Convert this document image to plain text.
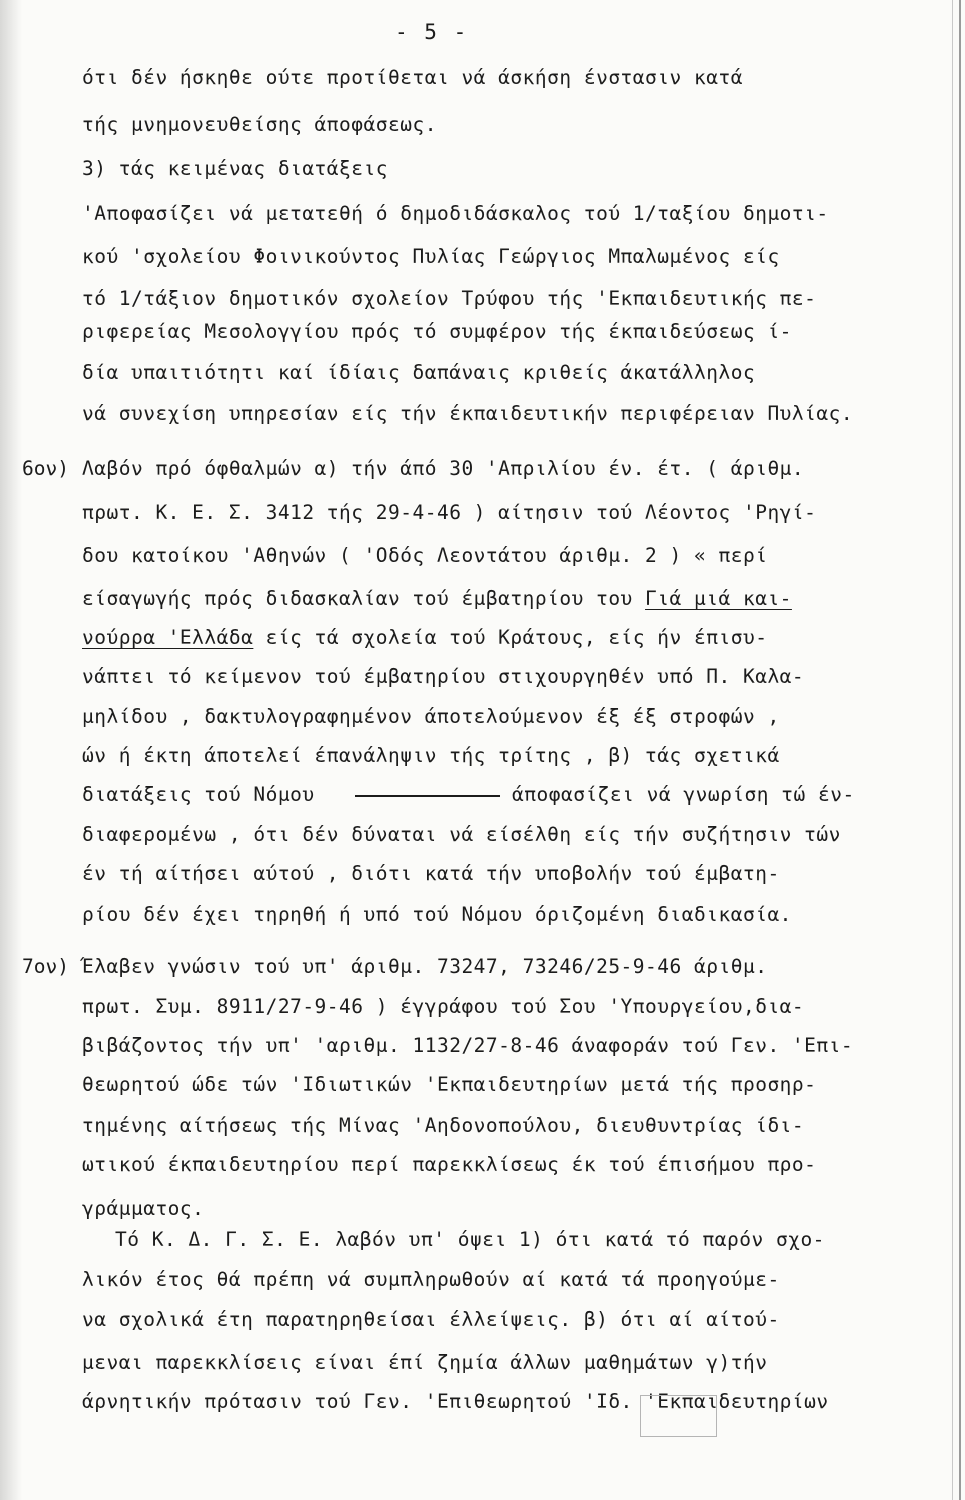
- 5 -
ότι δέν ήσκηθε ούτε προτίθεται νά άσκήση ένστασιν κατά
τής μνημονευθείσης άποφάσεως.
3) τάς κειμένας διατάξεις
'Αποφασίζει νά μετατεθή ό δημοδιδάσκαλος τού 1/ταξίου δημοτι-
κού 'σχολείου Φοινικούντος Πυλίας Γεώργιος Μπαλωμένος είς
τό 1/τάξιον δημοτικόν σχολείον Τρύφου τής 'Εκπαιδευτικής πε-
ριφερείας Μεσολογγίου πρός τό συμφέρον τής έκπαιδεύσεως ί-
δία υπαιτιότητι καί ίδίαις δαπάναις κριθείς άκατάλληλος
νά συνεχίση υπηρεσίαν είς τήν έκπαιδευτικήν περιφέρειαν Πυλίας.
6ον) Λαβόν πρό όφθαλμών α) τήν άπό 30 'Απριλίου έν. έτ. ( άριθμ.
πρωτ. Κ. Ε. Σ. 3412 τής 29-4-46 ) αίτησιν τού Λέοντος 'Ρηγί-
δου κατοίκου 'Αθηνών ( 'Οδός Λεοντάτου άριθμ. 2 ) « περί
είσαγωγής πρός διδασκαλίαν τού έμβατηρίου του Γιά μιά και-
νούρρα 'Ελλάδα είς τά σχολεία τού Κράτους, είς ήν έπισυ-
νάπτει τό κείμενον τού έμβατηρίου στιχουργηθέν υπό Π. Καλα-
μηλίδου , δακτυλογραφημένον άποτελούμενον έξ έξ στροφών ,
ών ή έκτη άποτελεί έπανάληψιν τής τρίτης , β) τάς σχετικά
διατάξεις τού Νόμου	άποφασίζει νά γνωρίση τώ έν-
διαφερομένω , ότι δέν δύναται νά είσέλθη είς τήν συζήτησιν τών
έν τή αίτήσει αύτού , διότι κατά τήν υποβολήν τού έμβατη-
ρίου δέν έχει τηρηθή ή υπό τού Νόμου όριζομένη διαδικασία.
7ον) Έλαβεν γνώσιν τού υπ' άριθμ. 73247, 73246/25-9-46 άριθμ.
πρωτ. Συμ. 8911/27-9-46 ) έγγράφου τού Σου 'Υπουργείου,δια-
βιβάζοντος τήν υπ' 'αριθμ. 1132/27-8-46 άναφοράν τού Γεν. 'Επι-
θεωρητού ώδε τών 'Ιδιωτικών 'Εκπαιδευτηρίων μετά τής προσηρ-
τημένης αίτήσεως τής Μίνας 'Αηδονοπούλου, διευθυντρίας ίδι-
ωτικού έκπαιδευτηρίου περί παρεκκλίσεως έκ τού έπισήμου προ-
γράμματος.
Τό Κ. Δ. Γ. Σ. Ε. λαβόν υπ' όψει 1) ότι κατά τό παρόν σχο-
λικόν έτος θά πρέπη νά συμπληρωθούν αί κατά τά προηγούμε-
να σχολικά έτη παρατηρηθείσαι έλλείψεις. β) ότι αί αίτού-
μεναι παρεκκλίσεις είναι έπί ζημία άλλων μαθημάτων γ)τήν
άρνητικήν πρότασιν τού Γεν. 'Επιθεωρητού 'Ιδ. 'Εκπαιδευτηρίων
